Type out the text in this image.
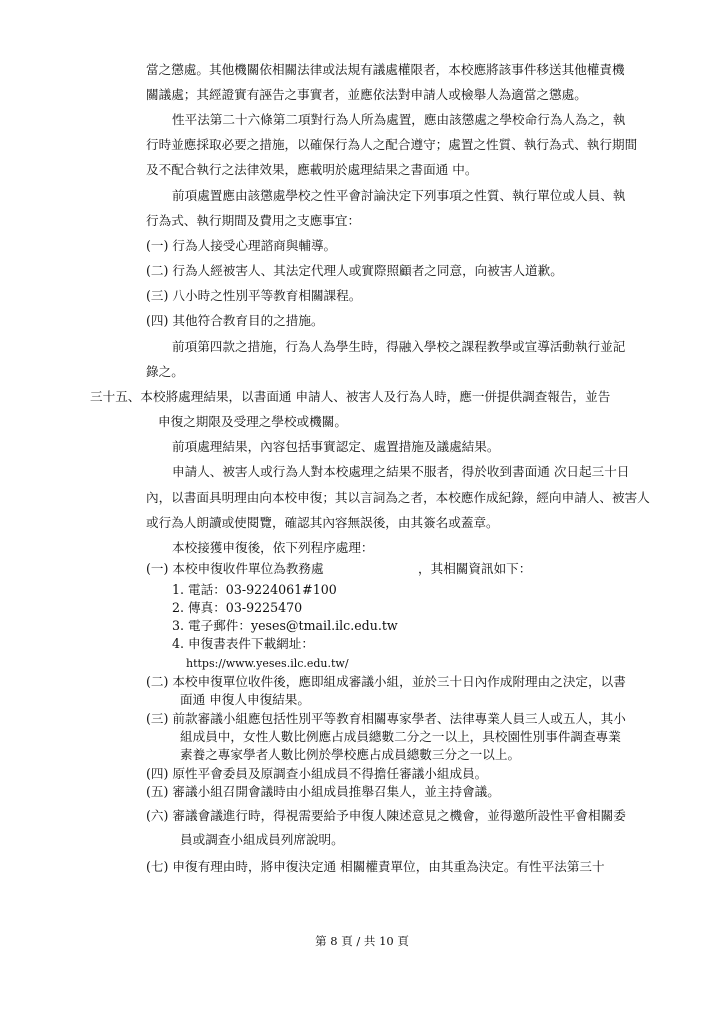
當之懲處。其他機關依相關法律或法規有議處權限者，本校應將該事件移送其他權責機
關議處；其經證實有誣告之事實者，並應依法對申請人或檢舉人為適當之懲處。
性平法第二十六條第二項對行為人所為處置，應由該懲處之學校命行為人為之，執
行時並應採取必要之措施，以確保行為人之配合遵守；處置之性質、執行為式、執行期間
及不配合執行之法律效果，應載明於處理結果之書面通 中。
前項處置應由該懲處學校之性平會討論決定下列事項之性質、執行單位或人員、執
行為式、執行期間及費用之支應事宜：
(一) 行為人接受心理諮商與輔導。
(二) 行為人經被害人、其法定代理人或實際照顧者之同意，向被害人道歉。
(三) 八小時之性別平等教育相關課程。
(四) 其他符合教育目的之措施。
前項第四款之措施，行為人為學生時，得融入學校之課程教學或宣導活動執行並記
錄之。
三十五、本校將處理結果，以書面通 申請人、被害人及行為人時，應一併提供調查報告，並告
申復之期限及受理之學校或機關。
前項處理結果，內容包括事實認定、處置措施及議處結果。
申請人、被害人或行為人對本校處理之結果不服者，得於收到書面通 次日起三十日
內，以書面具明理由向本校申復；其以言詞為之者，本校應作成紀錄，經向申請人、被害人
或行為人朗讀或使閱覽，確認其內容無誤後，由其簽名或蓋章。
本校接獲申復後，依下列程序處理：
(一) 本校申復收件單位為教務處	，其相關資訊如下：
1. 電話：03-9224061#100
2. 傳真：03-9225470
3. 電子郵件：yeses@tmail.ilc.edu.tw
4. 申復書表件下載網址：
https://www.yeses.ilc.edu.tw/
(二) 本校申復單位收件後，應即組成審議小組，並於三十日內作成附理由之決定，以書
面通 申復人申復結果。
(三) 前款審議小組應包括性別平等教育相關專家學者、法律專業人員三人或五人，其小
組成員中，女性人數比例應占成員總數二分之一以上，具校園性別事件調查專業
素養之專家學者人數比例於學校應占成員總數三分之一以上。
(四) 原性平會委員及原調查小組成員不得擔任審議小組成員。
(五) 審議小組召開會議時由小組成員推舉召集人，並主持會議。
(六) 審議會議進行時，得視需要給予申復人陳述意見之機會，並得邀所設性平會相關委
員或調查小組成員列席說明。
(七) 申復有理由時，將申復決定通 相關權責單位，由其重為決定。有性平法第三十
第 8 頁 / 共 10 頁
